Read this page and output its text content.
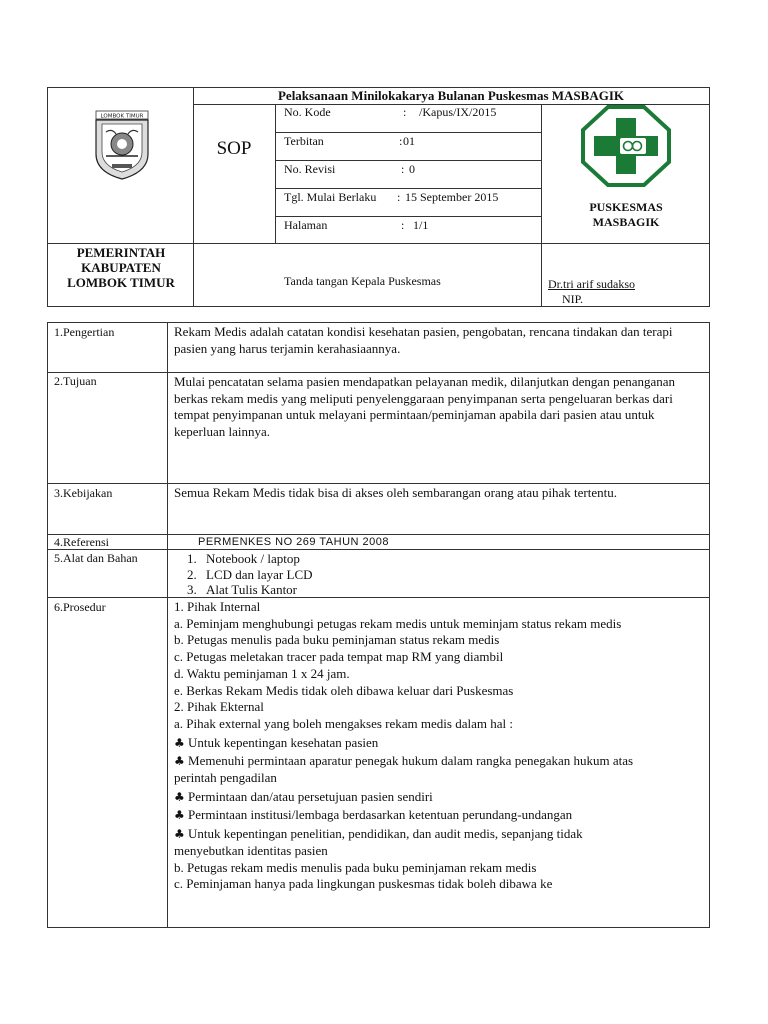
Pelaksanaan Minilokakarya Bulanan Puskesmas MASBAGIK
LOMBOK TIMUR
SOP
No. Kode	: /Kapus/IX/2015
Terbitan	: 01
No. Revisi	: 0
Tgl. Mulai Berlaku : 15 September 2015
Halaman	: 1/1
PUSKESMAS MASBAGIK
PEMERINTAH KABUPATEN LOMBOK TIMUR	Tanda tangan Kepala Puskesmas	Dr.tri arif sudakso
NIP.
1.Pengertian	Rekam Medis adalah catatan kondisi kesehatan pasien, pengobatan, rencana tindakan dan terapi pasien yang harus terjamin kerahasiaannya.
2.Tujuan	Mulai pencatatan selama pasien mendapatkan pelayanan medik, dilanjutkan dengan penanganan berkas rekam medis yang meliputi penyelenggaraan penyimpanan serta pengeluaran berkas dari tempat penyimpanan untuk melayani permintaan/peminjaman apabila dari pasien atau untuk keperluan lainnya.
3.Kebijakan	Semua Rekam Medis tidak bisa di akses oleh sembarangan orang atau pihak tertentu.
4.Referensi	PERMENKES NO 269 TAHUN 2008
5.Alat dan Bahan
1.	Notebook / laptop
2. LCD dan layar LCD
3. Alat Tulis Kantor
6.Prosedur	1. Pihak Internal
a. Peminjam menghubungi petugas rekam medis untuk meminjam status rekam medis
b. Petugas menulis pada buku peminjaman status rekam medis
c. Petugas meletakan tracer pada tempat map RM yang diambil
d. Waktu peminjaman 1 x 24 jam.
e. Berkas Rekam Medis tidak oleh dibawa keluar dari Puskesmas
2. Pihak Ekternal
a. Pihak external yang boleh mengakses rekam medis dalam hal :
♣ Untuk kepentingan kesehatan pasien
♣ Memenuhi permintaan aparatur penegak hukum dalam rangka penegakan hukum atas perintah pengadilan
♣ Permintaan dan/atau persetujuan pasien sendiri
♣ Permintaan institusi/lembaga berdasarkan ketentuan perundang-undangan
♣ Untuk kepentingan penelitian, pendidikan, dan audit medis, sepanjang tidak menyebutkan identitas pasien
b. Petugas rekam medis menulis pada buku peminjaman rekam medis
c. Peminjaman hanya pada lingkungan puskesmas tidak boleh dibawa ke
